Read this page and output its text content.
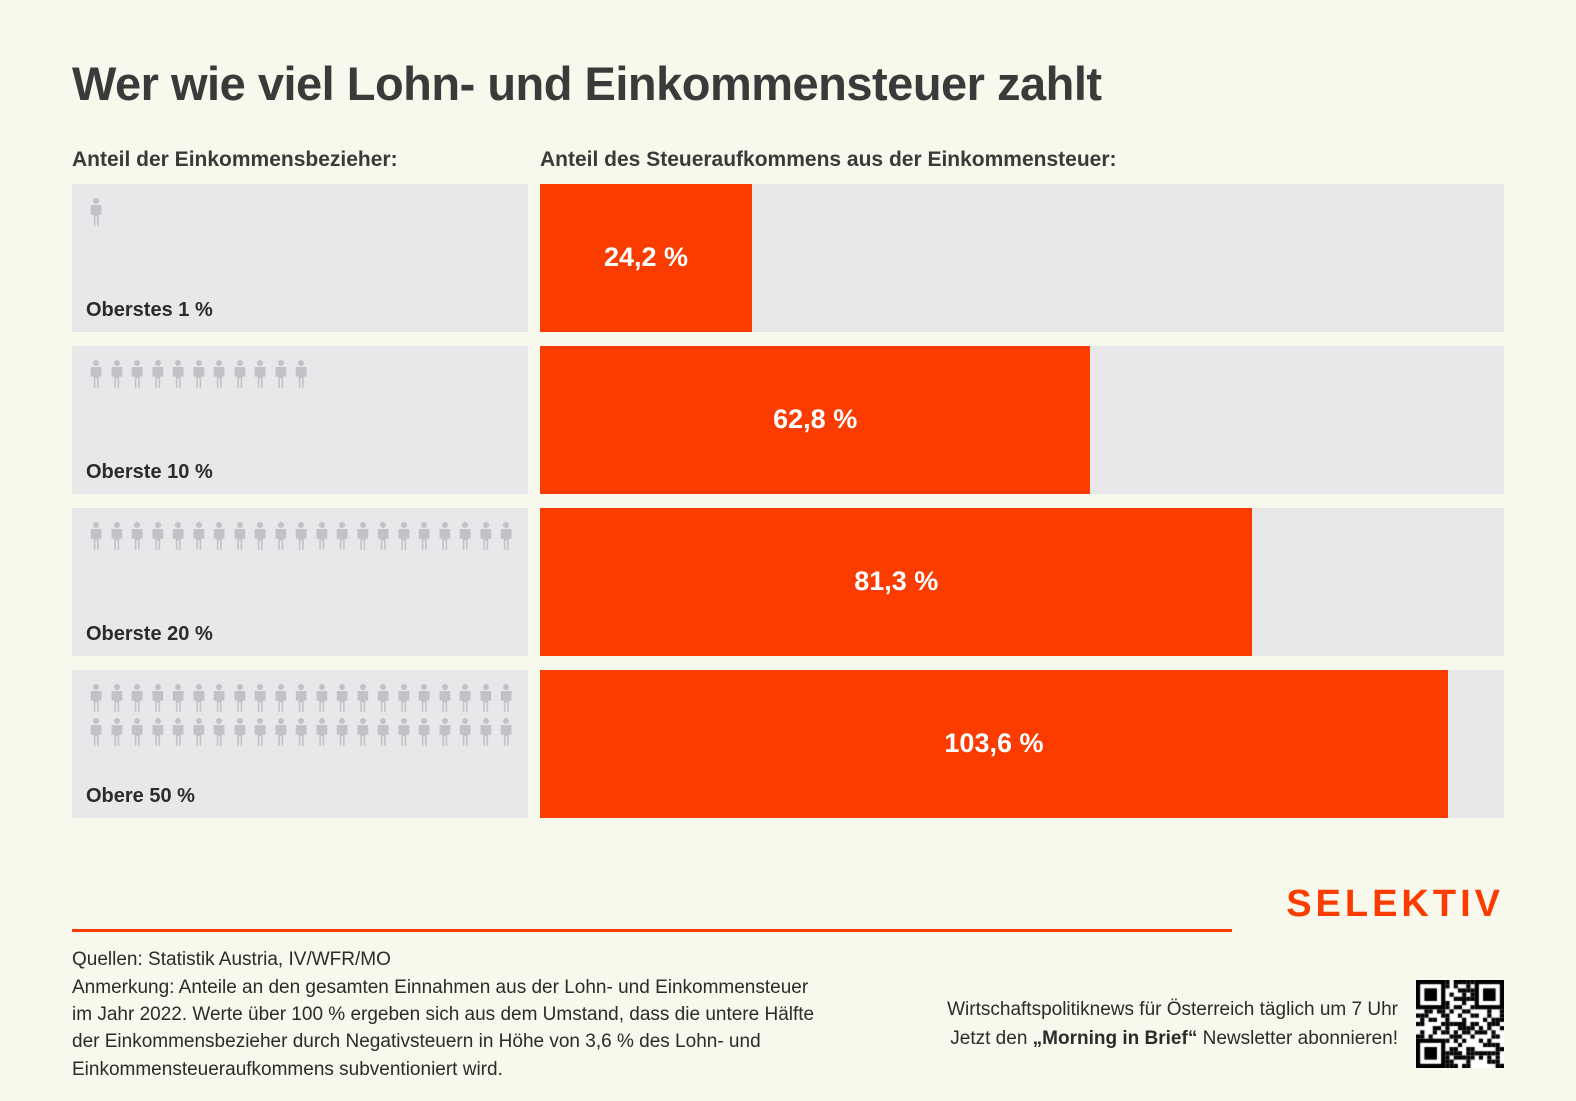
Wer wie viel Lohn- und Einkommensteuer zahlt
Anteil der Einkommensbezieher:	Anteil des Steueraufkommens aus der Einkommensteuer:
Oberstes 1 %
24,2 %
Oberste 10 %
62,8 %
Oberste 20 %
81,3 %
Obere 50 %
103,6 %
SELEKTIV
Quellen: Statistik Austria, IV/WFR/MO
Anmerkung: Anteile an den gesamten Einnahmen aus der Lohn- und Einkommensteuer im Jahr 2022. Werte über 100 % ergeben sich aus dem Umstand, dass die untere Hälfte der Einkommensbezieher durch Negativsteuern in Höhe von 3,6 % des Lohn- und Einkommensteueraufkommens subventioniert wird.
Wirtschaftspolitiknews für Österreich täglich um 7 Uhr
Jetzt den „Morning in Brief“ Newsletter abonnieren!
